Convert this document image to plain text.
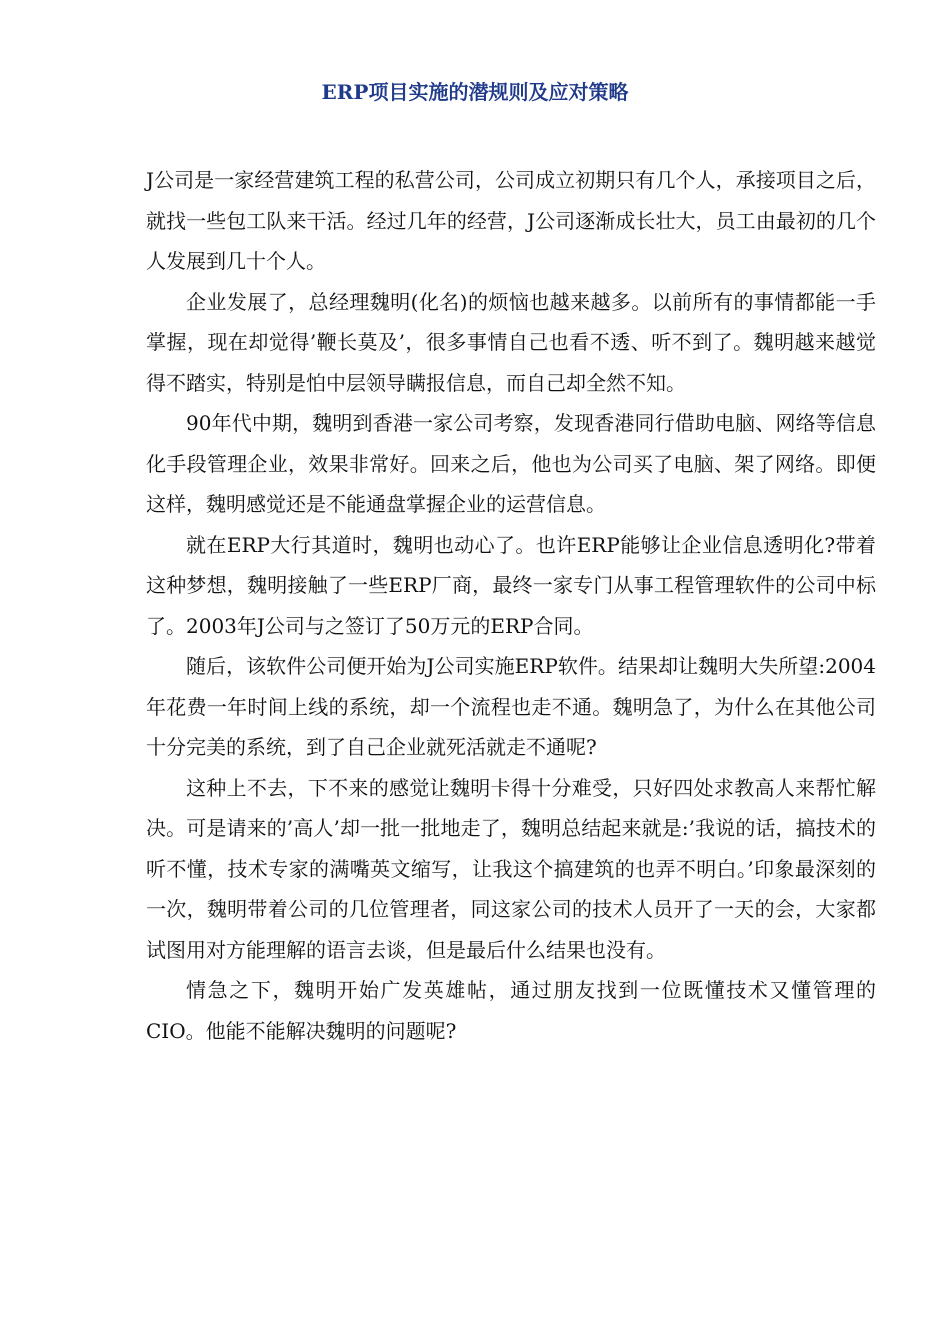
ERP项目实施的潜规则及应对策略

J公司是一家经营建筑工程的私营公司，公司成立初期只有几个人，承接项目之后，就找一些包工队来干活。经过几年的经营，J公司逐渐成长壮大，员工由最初的几个人发展到几十个人。

企业发展了，总经理魏明(化名)的烦恼也越来越多。以前所有的事情都能一手掌握，现在却觉得’鞭长莫及’，很多事情自己也看不透、听不到了。魏明越来越觉得不踏实，特别是怕中层领导瞒报信息，而自己却全然不知。

90年代中期，魏明到香港一家公司考察，发现香港同行借助电脑、网络等信息化手段管理企业，效果非常好。回来之后，他也为公司买了电脑、架了网络。即便这样，魏明感觉还是不能通盘掌握企业的运营信息。

就在ERP大行其道时，魏明也动心了。也许ERP能够让企业信息透明化?带着这种梦想，魏明接触了一些ERP厂商，最终一家专门从事工程管理软件的公司中标了。2003年J公司与之签订了50万元的ERP合同。

随后，该软件公司便开始为J公司实施ERP软件。结果却让魏明大失所望:2004年花费一年时间上线的系统，却一个流程也走不通。魏明急了，为什么在其他公司十分完美的系统，到了自己企业就死活就走不通呢?

这种上不去，下不来的感觉让魏明卡得十分难受，只好四处求教高人来帮忙解决。可是请来的’高人’却一批一批地走了，魏明总结起来就是:’我说的话，搞技术的听不懂，技术专家的满嘴英文缩写，让我这个搞建筑的也弄不明白。’印象最深刻的一次，魏明带着公司的几位管理者，同这家公司的技术人员开了一天的会，大家都试图用对方能理解的语言去谈，但是最后什么结果也没有。

情急之下，魏明开始广发英雄帖，通过朋友找到一位既懂技术又懂管理的CIO。他能不能解决魏明的问题呢?
